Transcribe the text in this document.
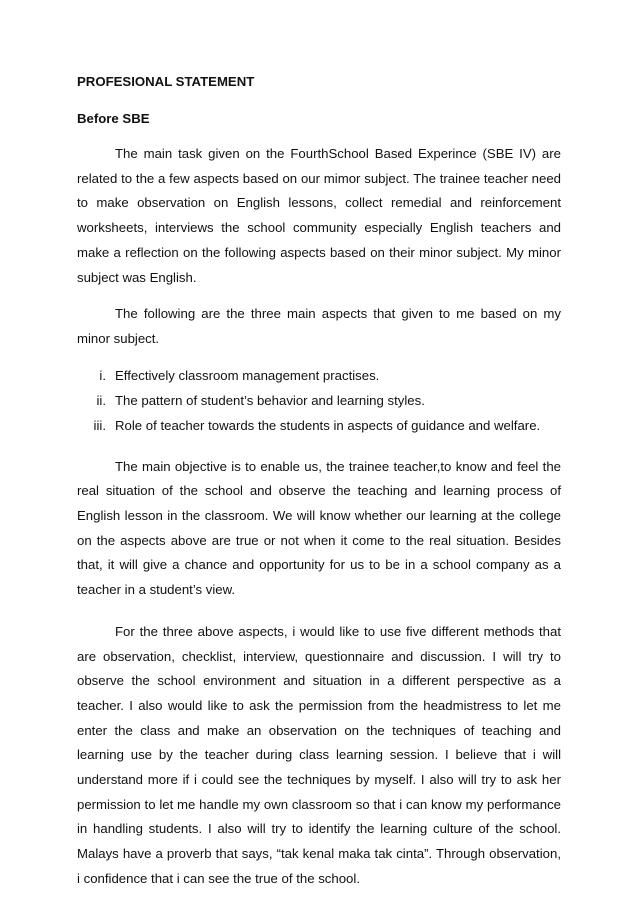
PROFESIONAL STATEMENT

Before SBE

The main task given on the FourthSchool Based Experince (SBE IV) are related to the a few aspects based on our mimor subject. The trainee teacher need to make observation on English lessons, collect remedial and reinforcement worksheets, interviews the school community especially English teachers and make a reflection on the following aspects based on their minor subject. My minor subject was English.

The following are the three main aspects that given to me based on my minor subject.

i. Effectively classroom management practises.
ii. The pattern of student’s behavior and learning styles.
iii. Role of teacher towards the students in aspects of guidance and welfare.

The main objective is to enable us, the trainee teacher,to know and feel the real situation of the school and observe the teaching and learning process of English lesson in the classroom. We will know whether our learning at the college on the aspects above are true or not when it come to the real situation. Besides that, it will give a chance and opportunity for us to be in a school company as a teacher in a student’s view.

For the three above aspects, i would like to use five different methods that are observation, checklist, interview, questionnaire and discussion. I will try to observe the school environment and situation in a different perspective as a teacher. I also would like to ask the permission from the headmistress to let me enter the class and make an observation on the techniques of teaching and learning use by the teacher during class learning session. I believe that i will understand more if i could see the techniques by myself. I also will try to ask her permission to let me handle my own classroom so that i can know my performance in handling students. I also will try to identify the learning culture of the school. Malays have a proverb that says, “tak kenal maka tak cinta”. Through observation, i confidence that i can see the true of the school.
